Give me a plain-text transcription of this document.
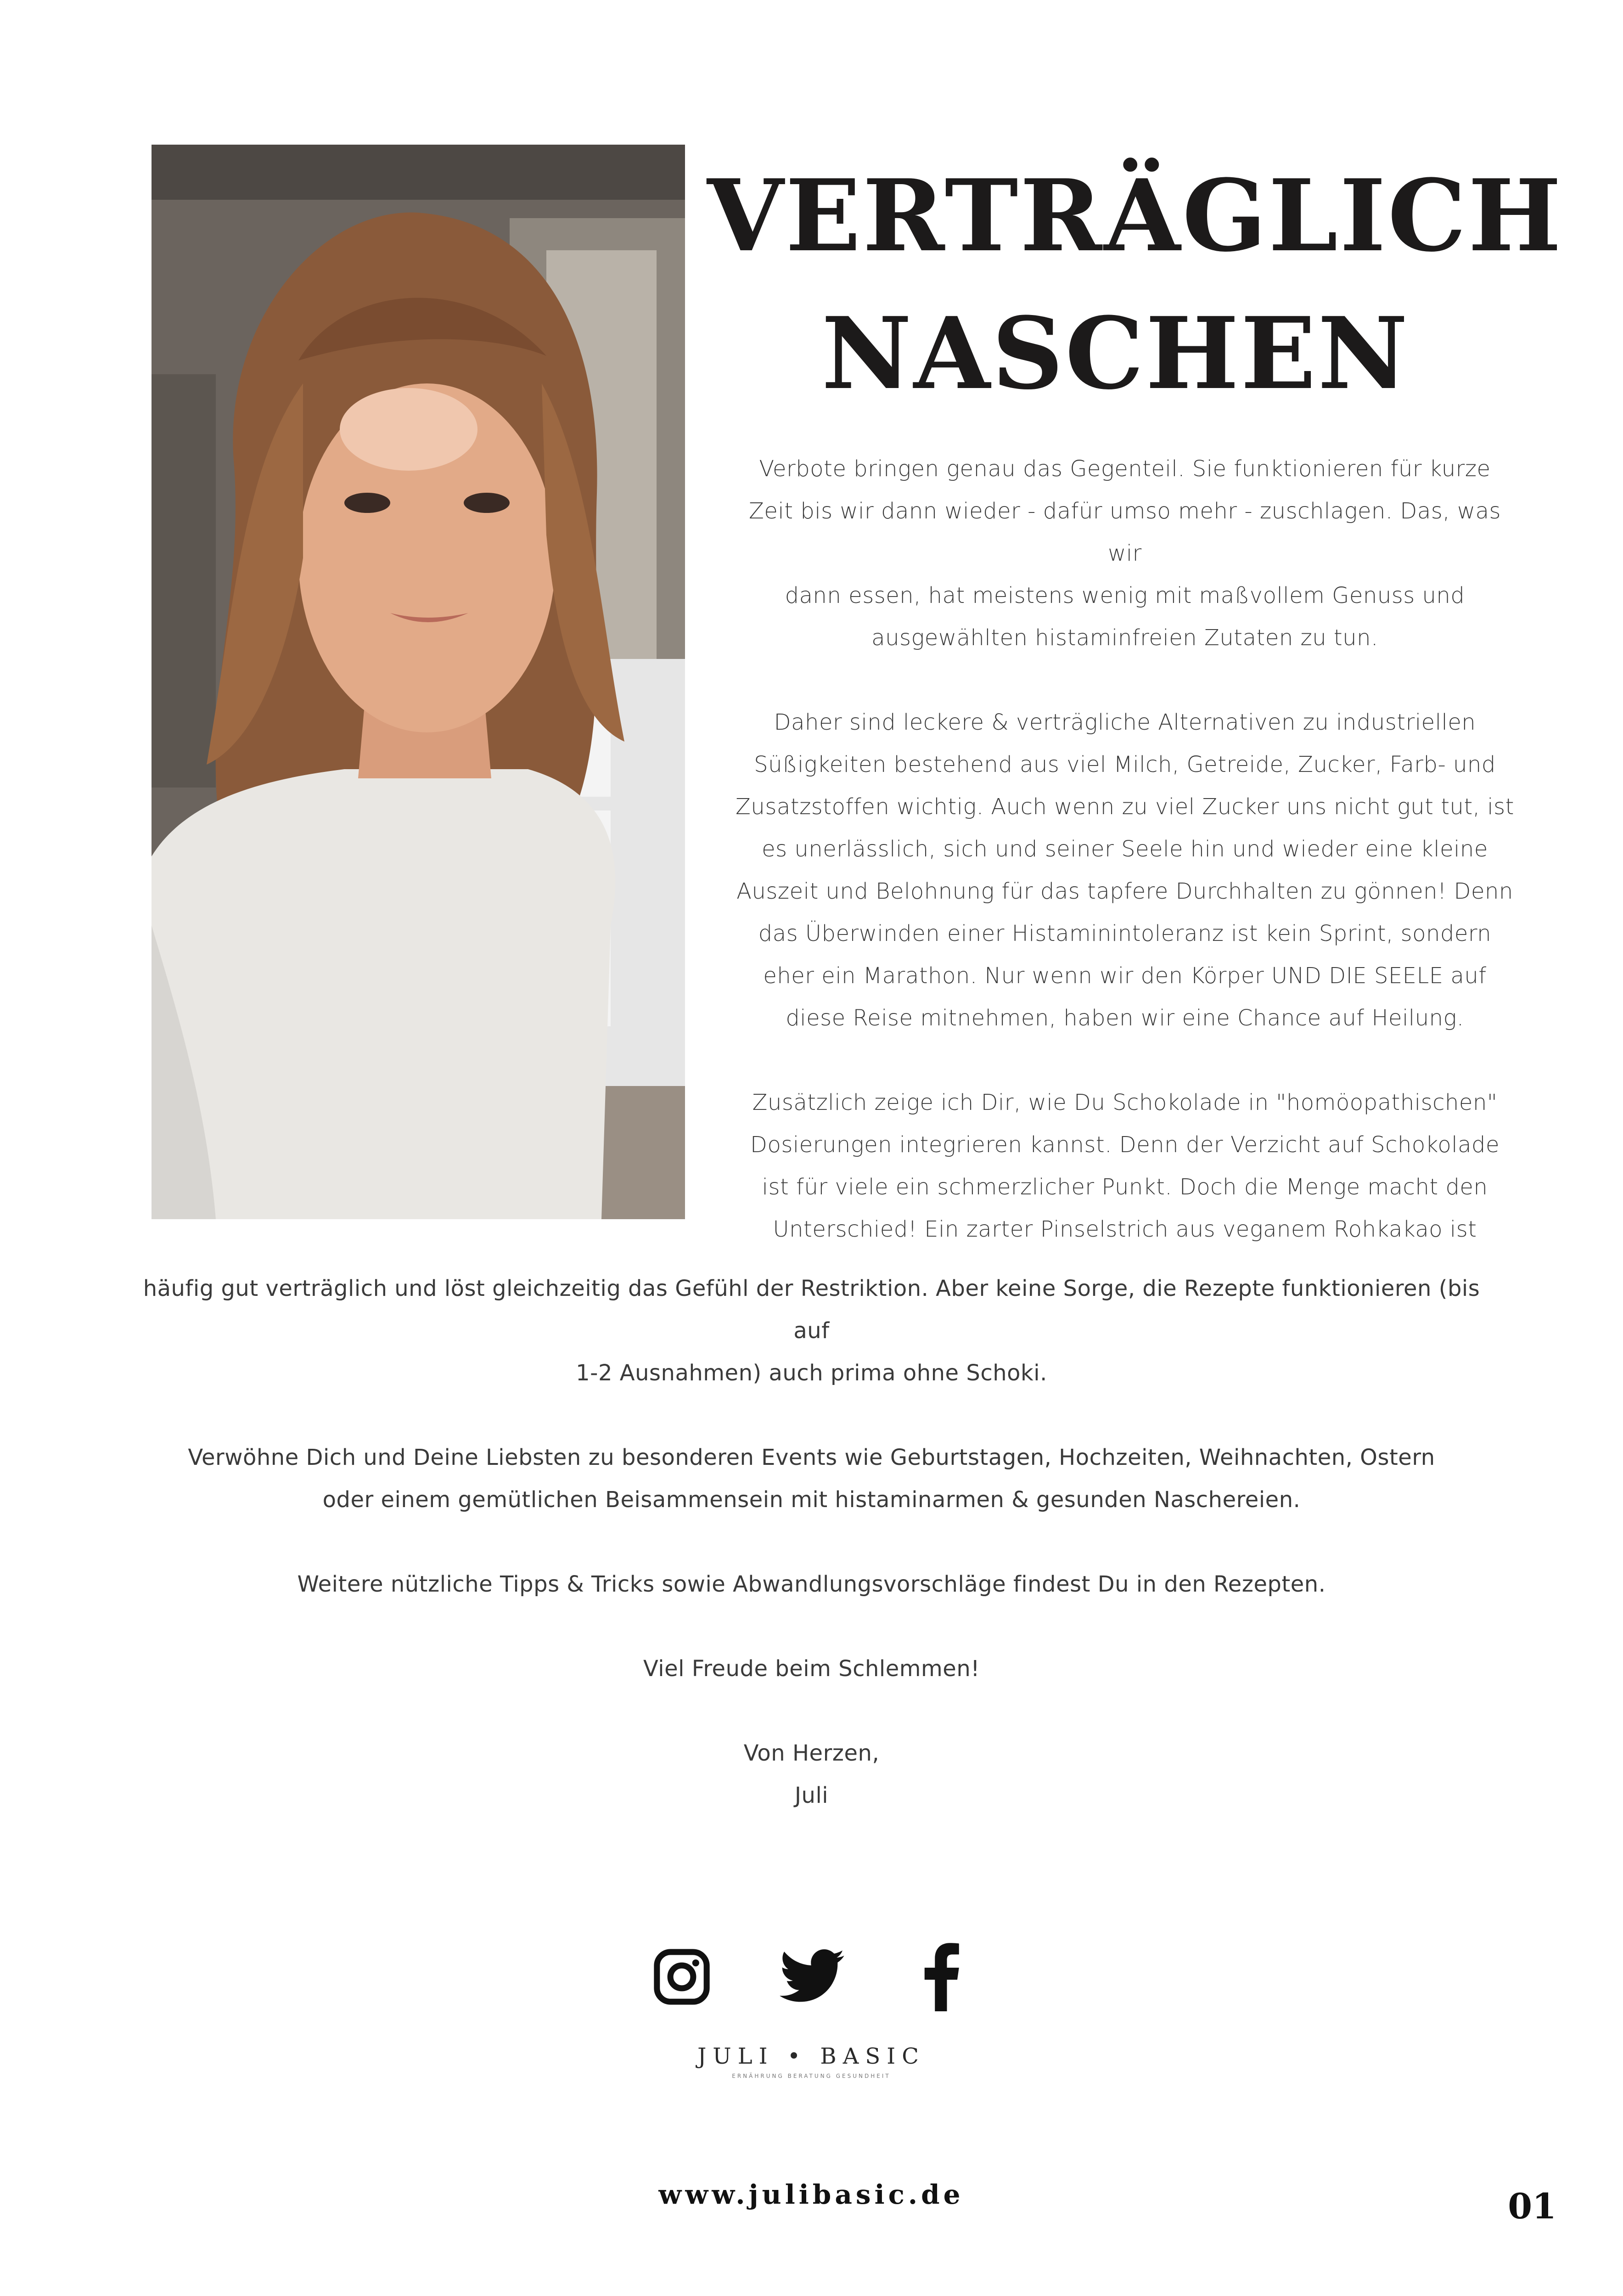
VERTRÄGLICH
NASCHEN

Verbote bringen genau das Gegenteil. Sie funktionieren für kurze
Zeit bis wir dann wieder - dafür umso mehr - zuschlagen. Das, was wir
dann essen, hat meistens wenig mit maßvollem Genuss und
ausgewählten histaminfreien Zutaten zu tun.

Daher sind leckere & verträgliche Alternativen zu industriellen
Süßigkeiten bestehend aus viel Milch, Getreide, Zucker, Farb- und
Zusatzstoffen wichtig. Auch wenn zu viel Zucker uns nicht gut tut, ist
es unerlässlich, sich und seiner Seele hin und wieder eine kleine
Auszeit und Belohnung für das tapfere Durchhalten zu gönnen! Denn
das Überwinden einer Histaminintoleranz ist kein Sprint, sondern
eher ein Marathon. Nur wenn wir den Körper UND DIE SEELE auf
diese Reise mitnehmen, haben wir eine Chance auf Heilung.

Zusätzlich zeige ich Dir, wie Du Schokolade in "homöopathischen"
Dosierungen integrieren kannst. Denn der Verzicht auf Schokolade
ist für viele ein schmerzlicher Punkt. Doch die Menge macht den
Unterschied! Ein zarter Pinselstrich aus veganem Rohkakao ist

häufig gut verträglich und löst gleichzeitig das Gefühl der Restriktion. Aber keine Sorge, die Rezepte funktionieren (bis auf
1-2 Ausnahmen) auch prima ohne Schoki.

Verwöhne Dich und Deine Liebsten zu besonderen Events wie Geburtstagen, Hochzeiten, Weihnachten, Ostern
oder einem gemütlichen Beisammensein mit histaminarmen & gesunden Naschereien.

Weitere nützliche Tipps & Tricks sowie Abwandlungsvorschläge findest Du in den Rezepten.

Viel Freude beim Schlemmen!

Von Herzen,
Juli

JULI • BASIC
ERNÄHRUNG BERATUNG GESUNDHEIT
www.julibasic.de	01
